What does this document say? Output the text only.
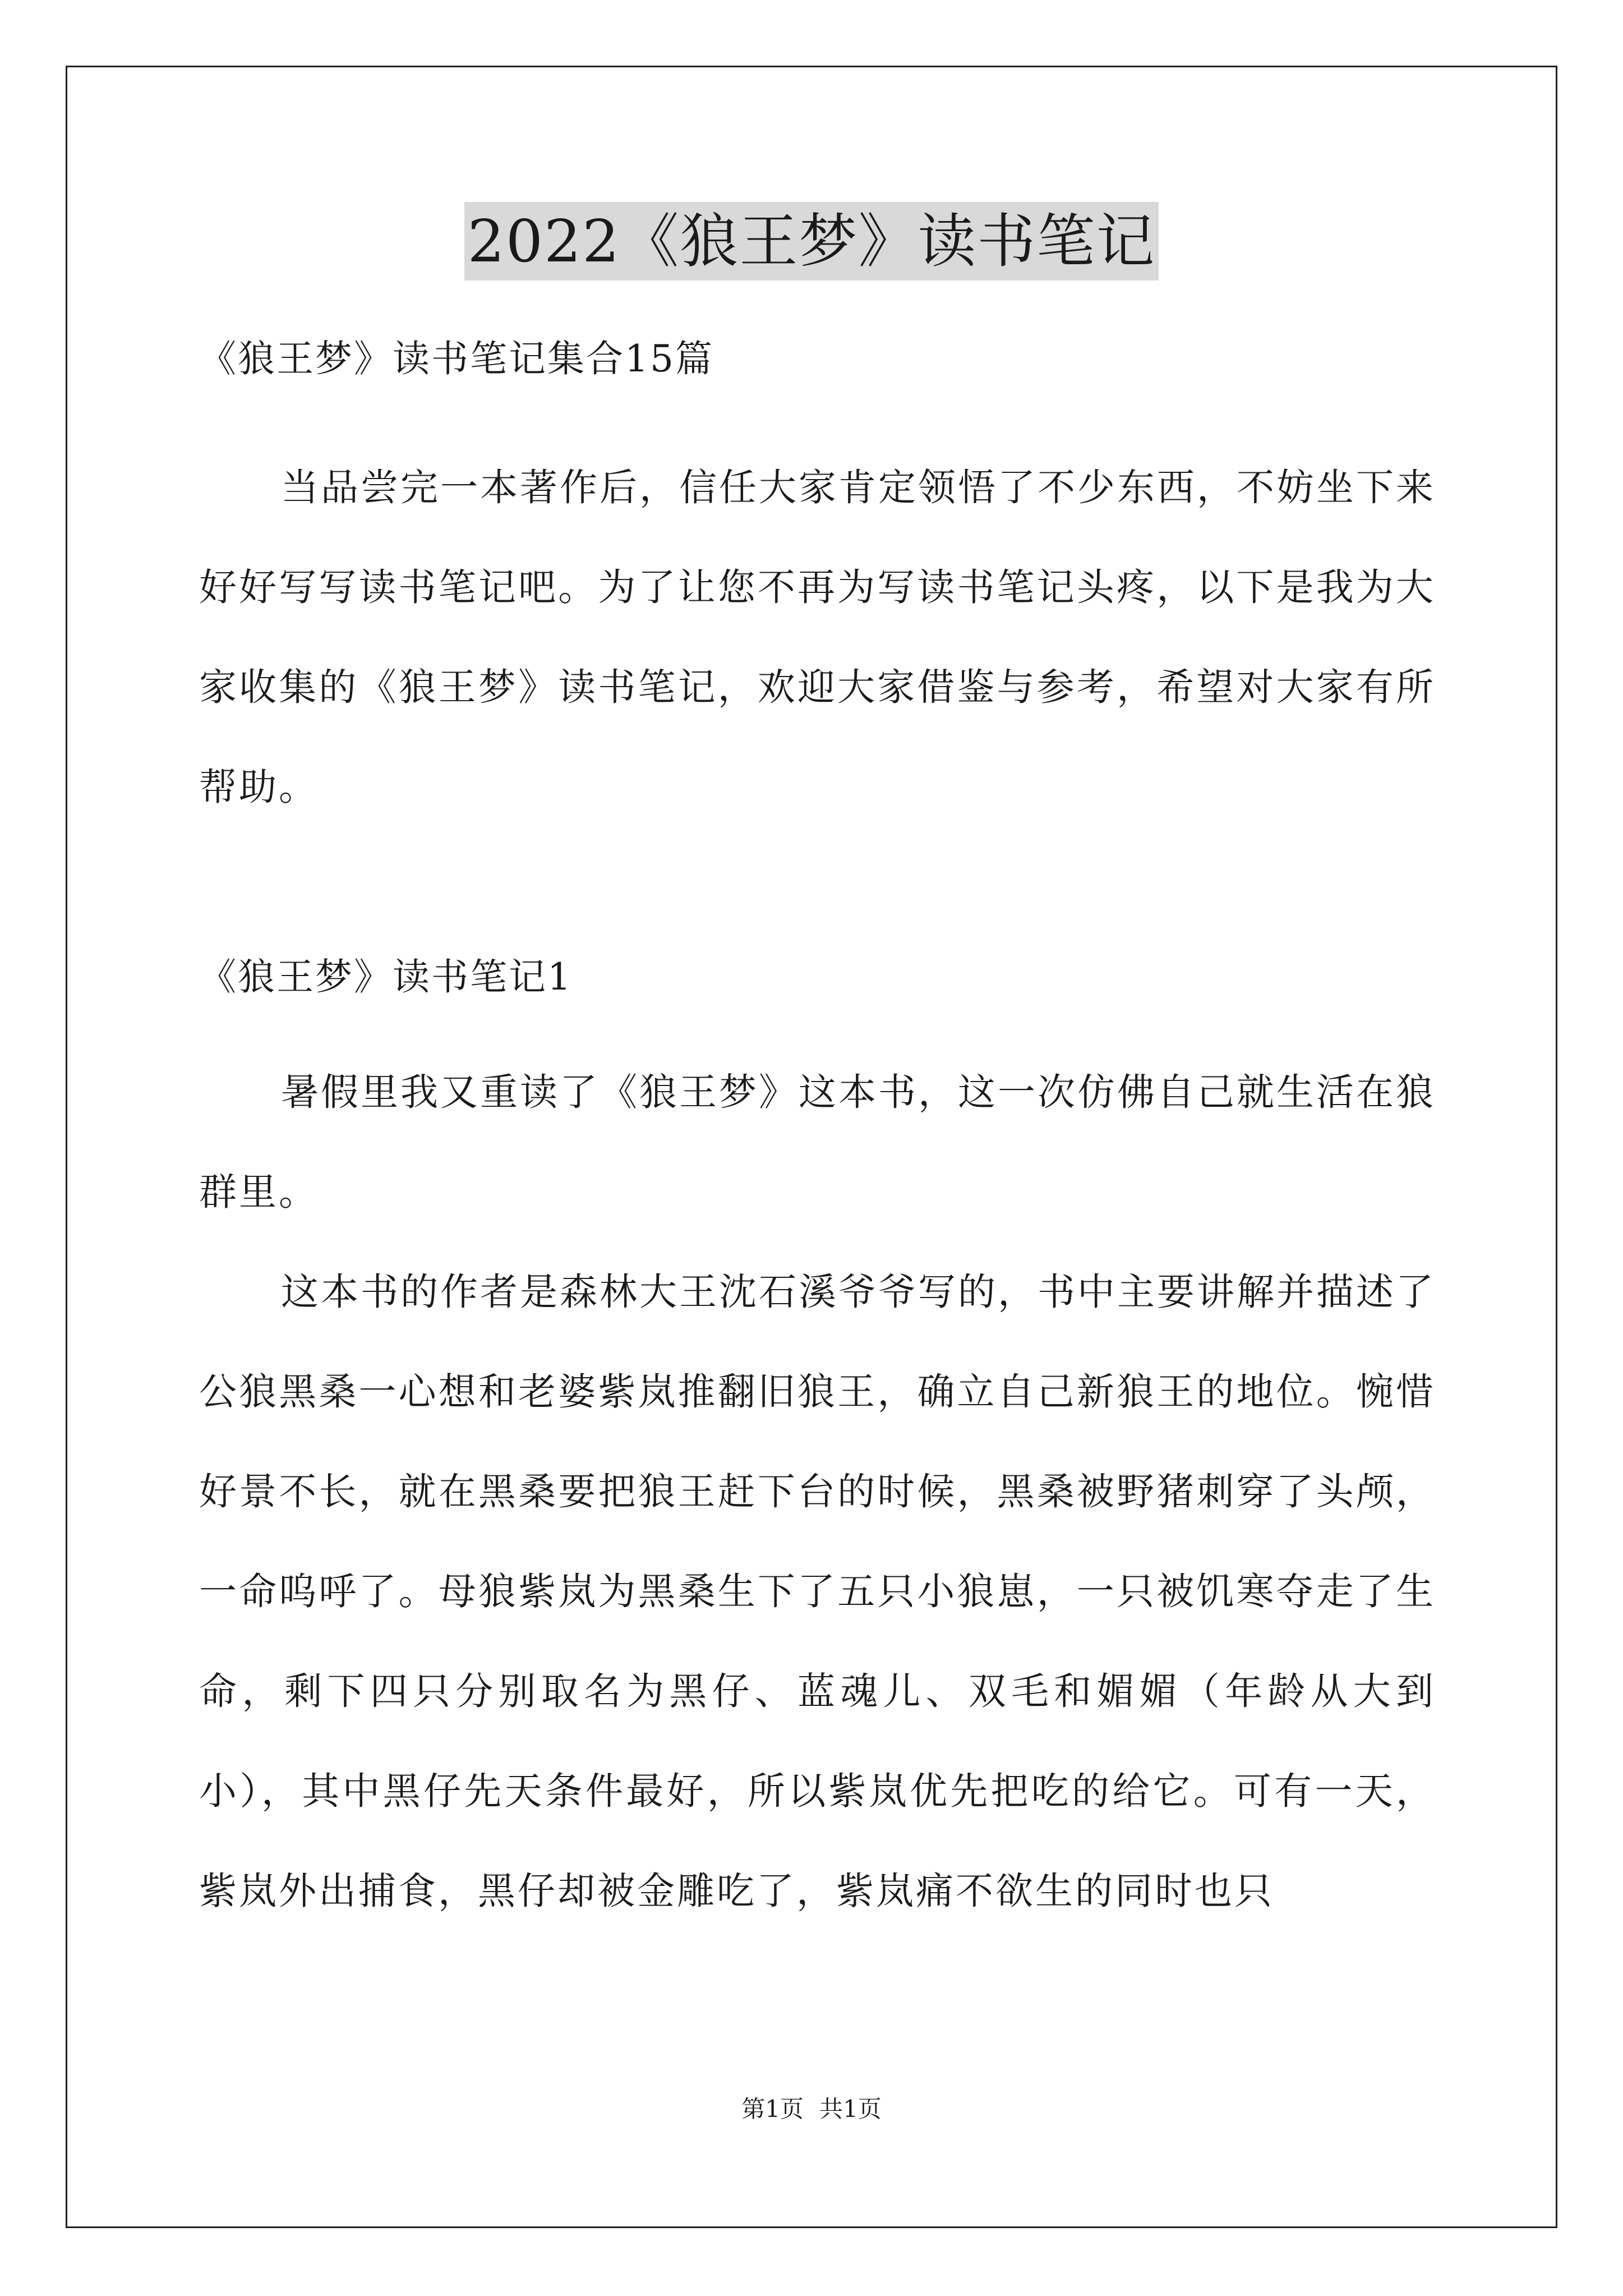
2022《狼王梦》读书笔记
《狼王梦》读书笔记集合15篇

当品尝完一本著作后，信任大家肯定领悟了不少东西，不妨坐下来好好写写读书笔记吧。为了让您不再为写读书笔记头疼，以下是我为大家收集的《狼王梦》读书笔记，欢迎大家借鉴与参考，希望对大家有所帮助。

《狼王梦》读书笔记1

暑假里我又重读了《狼王梦》这本书，这一次仿佛自己就生活在狼群里。

这本书的作者是森林大王沈石溪爷爷写的，书中主要讲解并描述了公狼黑桑一心想和老婆紫岚推翻旧狼王，确立自己新狼王的地位。惋惜好景不长，就在黑桑要把狼王赶下台的时候，黑桑被野猪刺穿了头颅，一命呜呼了。母狼紫岚为黑桑生下了五只小狼崽，一只被饥寒夺走了生命，剩下四只分别取名为黑仔、蓝魂儿、双毛和媚媚（年龄从大到小），其中黑仔先天条件最好，所以紫岚优先把吃的给它。可有一天，紫岚外出捕食，黑仔却被金雕吃了，紫岚痛不欲生的同时也只

第1页 共1页
